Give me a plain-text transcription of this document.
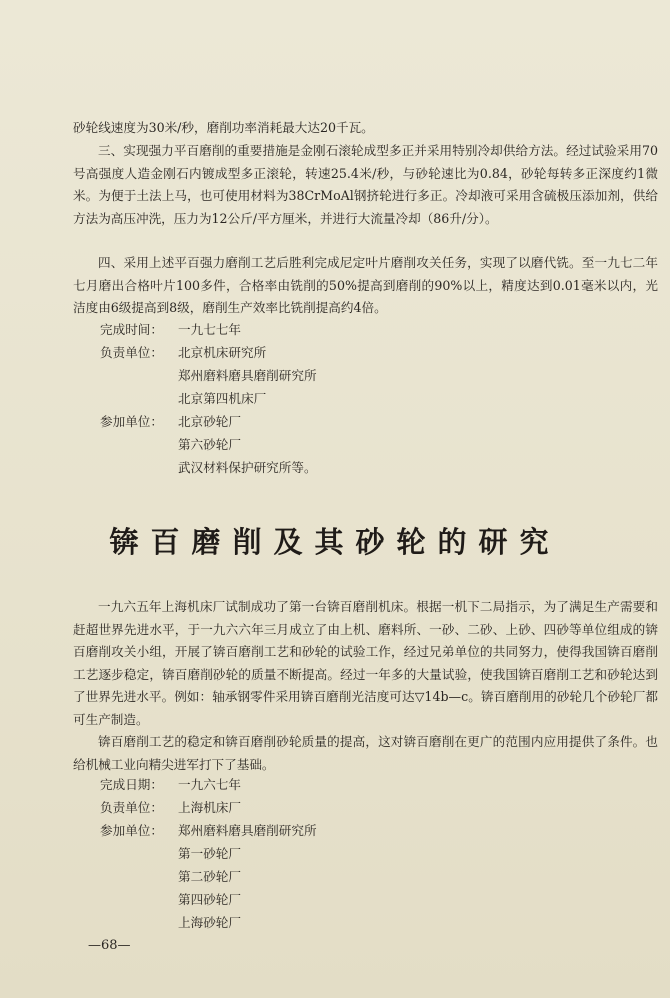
砂轮线速度为30米/秒，磨削功率消耗最大达20千瓦。

三、实现强力平百磨削的重要措施是金刚石滚轮成型多正并采用特别冷却供给方法。经过试验采用70号高强度人造金刚石内镀成型多正滚轮，转速25.4米/秒，与砂轮速比为0.84，砂轮每转多正深度约1微米。为便于土法上马，也可使用材料为38CrMoAl钢挤轮进行多正。冷却液可采用含硫极压添加剂，供给方法为高压冲洗，压力为12公斤/平方厘米，并进行大流量冷却（86升/分）。

四、采用上述平百强力磨削工艺后胜利完成尼定叶片磨削攻关任务，实现了以磨代铣。至一九七二年七月磨出合格叶片100多件，合格率由铣削的50%提高到磨削的90%以上，精度达到0.01毫米以内，光洁度由6级提高到8级，磨削生产效率比铣削提高约4倍。

完成时间： 一九七七年
负责单位： 北京机床研究所
郑州磨料磨具磨削研究所
北京第四机床厂
参加单位： 北京砂轮厂
第六砂轮厂
武汉材料保护研究所等。
锛百磨削及其砂轮的研究

一九六五年上海机床厂试制成功了第一台锛百磨削机床。根据一机下二局指示，为了满足生产需要和赶超世界先进水平，于一九六六年三月成立了由上机、磨料所、一砂、二砂、上砂、四砂等单位组成的锛百磨削攻关小组，开展了锛百磨削工艺和砂轮的试验工作，经过兄弟单位的共同努力，使得我国锛百磨削工艺逐步稳定，锛百磨削砂轮的质量不断提高。经过一年多的大量试验，使我国锛百磨削工艺和砂轮达到了世界先进水平。例如：轴承钢零件采用锛百磨削光洁度可达▽14b—c。锛百磨削用的砂轮几个砂轮厂都可生产制造。

锛百磨削工艺的稳定和锛百磨削砂轮质量的提高，这对锛百磨削在更广的范围内应用提供了条件。也给机械工业向精尖进军打下了基础。

完成日期： 一九六七年
负责单位： 上海机床厂
参加单位： 郑州磨料磨具磨削研究所
第一砂轮厂
第二砂轮厂
第四砂轮厂
上海砂轮厂
—68—
